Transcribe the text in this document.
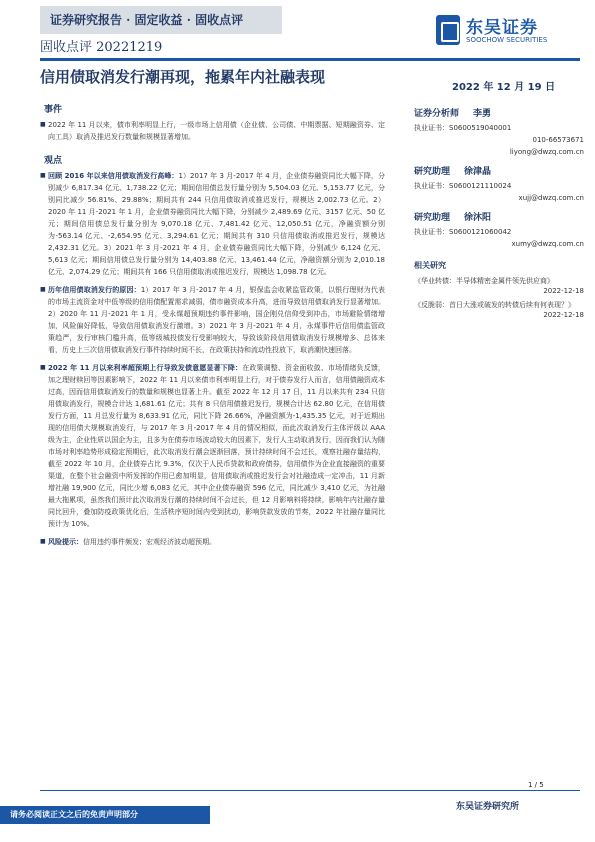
证券研究报告 · 固定收益 · 固收点评
固收点评 20221219
东吴证券
SOOCHOW SECURITIES
信用债取消发行潮再现，拖累年内社融表现
2022 年 12 月 19 日
事件
■ 2022 年 11 月以来，债市利率明显上行，一级市场上信用债（企业债、公司债、中期票据、短期融资券、定向工具）取消及推迟发行数量和规模显著增加。
观点
■ 回顾 2016 年以来信用债取消发行高峰：1）2017 年 3 月-2017 年 4 月，企业债券融资同比大幅下降，分别减少 6,817.34 亿元、1,738.22 亿元；期间信用债总发行量分别为 5,504.03 亿元、5,153.77 亿元，分别同比减少 56.81%、29.88%；期间共有 244 只信用债取消或推迟发行，规模达 2,002.73 亿元。2）2020 年 11 月-2021 年 1 月，企业债券融资同比大幅下降，分别减少 2,489.69 亿元、3157 亿元、50 亿元；期间信用债总发行量分别为 9,070.18 亿元、7,481.42 亿元、12,050.51 亿元，净融资额分别为-563.14 亿元、-2,654.95 亿元、3,294.61 亿元；期间共有 310 只信用债取消或推迟发行，规模达 2,432.31 亿元。3）2021 年 3 月-2021 年 4 月，企业债券融资同比大幅下降，分别减少 6,124 亿元、5,613 亿元；期间信用债总发行量分别为 14,403.88 亿元、13,461.44 亿元，净融资额分别为 2,010.18 亿元、2,074.29 亿元；期间共有 166 只信用债取消或推迟发行，规模达 1,098.78 亿元。
■ 历年信用债取消发行的原因：1）2017 年 3 月-2017 年 4 月，银保监会收紧监管政策，以银行理财为代表的市场主流资金对中低等级的信用债配置需求减弱，债市融资成本升高，进而导致信用债取消发行显著增加。2）2020 年 11 月-2021 年 1 月，受永煤超预期违约事件影响，国企刚兑信仰受到冲击，市场避险情绪增加，风险偏好降低，导致信用债取消发行激增。3）2021 年 3 月-2021 年 4 月，永煤事件后信用债监管政策趋严，发行审核门槛升高，低等级城投债发行受影响较大，导致该阶段信用债取消发行规模增多、总体来看，历史上三次信用债取消发行事件持续时间不长，在政策扶持和流动性投放下，取消潮快速回落。
■ 2022 年 11 月以来利率超预期上行导致发债意愿显著下降：在政策调整、资金面收敛、市场情绪负反馈，加之理财赎回等因素影响下，2022 年 11 月以来债市利率明显上行，对于债券发行人而言，信用债融资成本过高，因而信用债取消发行的数量和规模也显著上升。截至 2022 年 12 月 17 日，11 月以来共有 234 只信用债取消发行，规模合计达 1,681.61 亿元；共有 8 只信用债推迟发行，规模合计达 62.80 亿元，在信用债发行方面，11 月总发行量为 8,633.91 亿元，同比下降 26.66%，净融资额为-1,435.35 亿元，对于近期出现的信用债大规模取消发行，与 2017 年 3 月-2017 年 4 月的情况相似，而此次取消发行主体评级以 AAA 级为主，企业性质以国企为主，且多为在债券市场波动较大的因素下，发行人主动取消发行，因而我们认为随市场对利率趋势形成稳定预期后，此次取消发行潮会逐渐回落，预计持续时间不会过长，观察社融存量结构，截至 2022 年 10 月，企业债券占比 9.3%，仅次于人民币贷款和政府债券，信用债作为企业直接融资的重要渠道，在整个社会融资中所发挥的作用已愈加明显，信用债取消或推迟发行会对社融造成一定冲击，11 月新增社融 19,900 亿元，同比少增 6,083 亿元，其中企业债券融资 596 亿元，同比减少 3,410 亿元，为社融最大拖累项，虽然我们预计此次取消发行潮的持续时间不会过长，但 12 月影响料将持续，影响年内社融存量同比回升，叠加防疫政策优化后，生活秩序短时间内受到扰动，影响贷款发放的节奏，2022 年社融存量同比预计为 10%。
■ 风险提示：信用违约事件频发；宏观经济波动超预期。
证券分析师 李勇
执业证书：S0600519040001
010-66573671
liyong@dwzq.com.cn
研究助理 徐津晶
执业证书：S0600121110024
xujj@dwzq.com.cn
研究助理 徐沐阳
执业证书：S0600121060042
xumy@dwzq.com.cn
相关研究
《华业转债：半导体精密金属件领先供应商》
2022-12-18
《反脆弱：首日大涨或破发的转债后续有何表现？》
2022-12-18
1 / 5
请务必阅读正文之后的免责声明部分
东吴证券研究所
